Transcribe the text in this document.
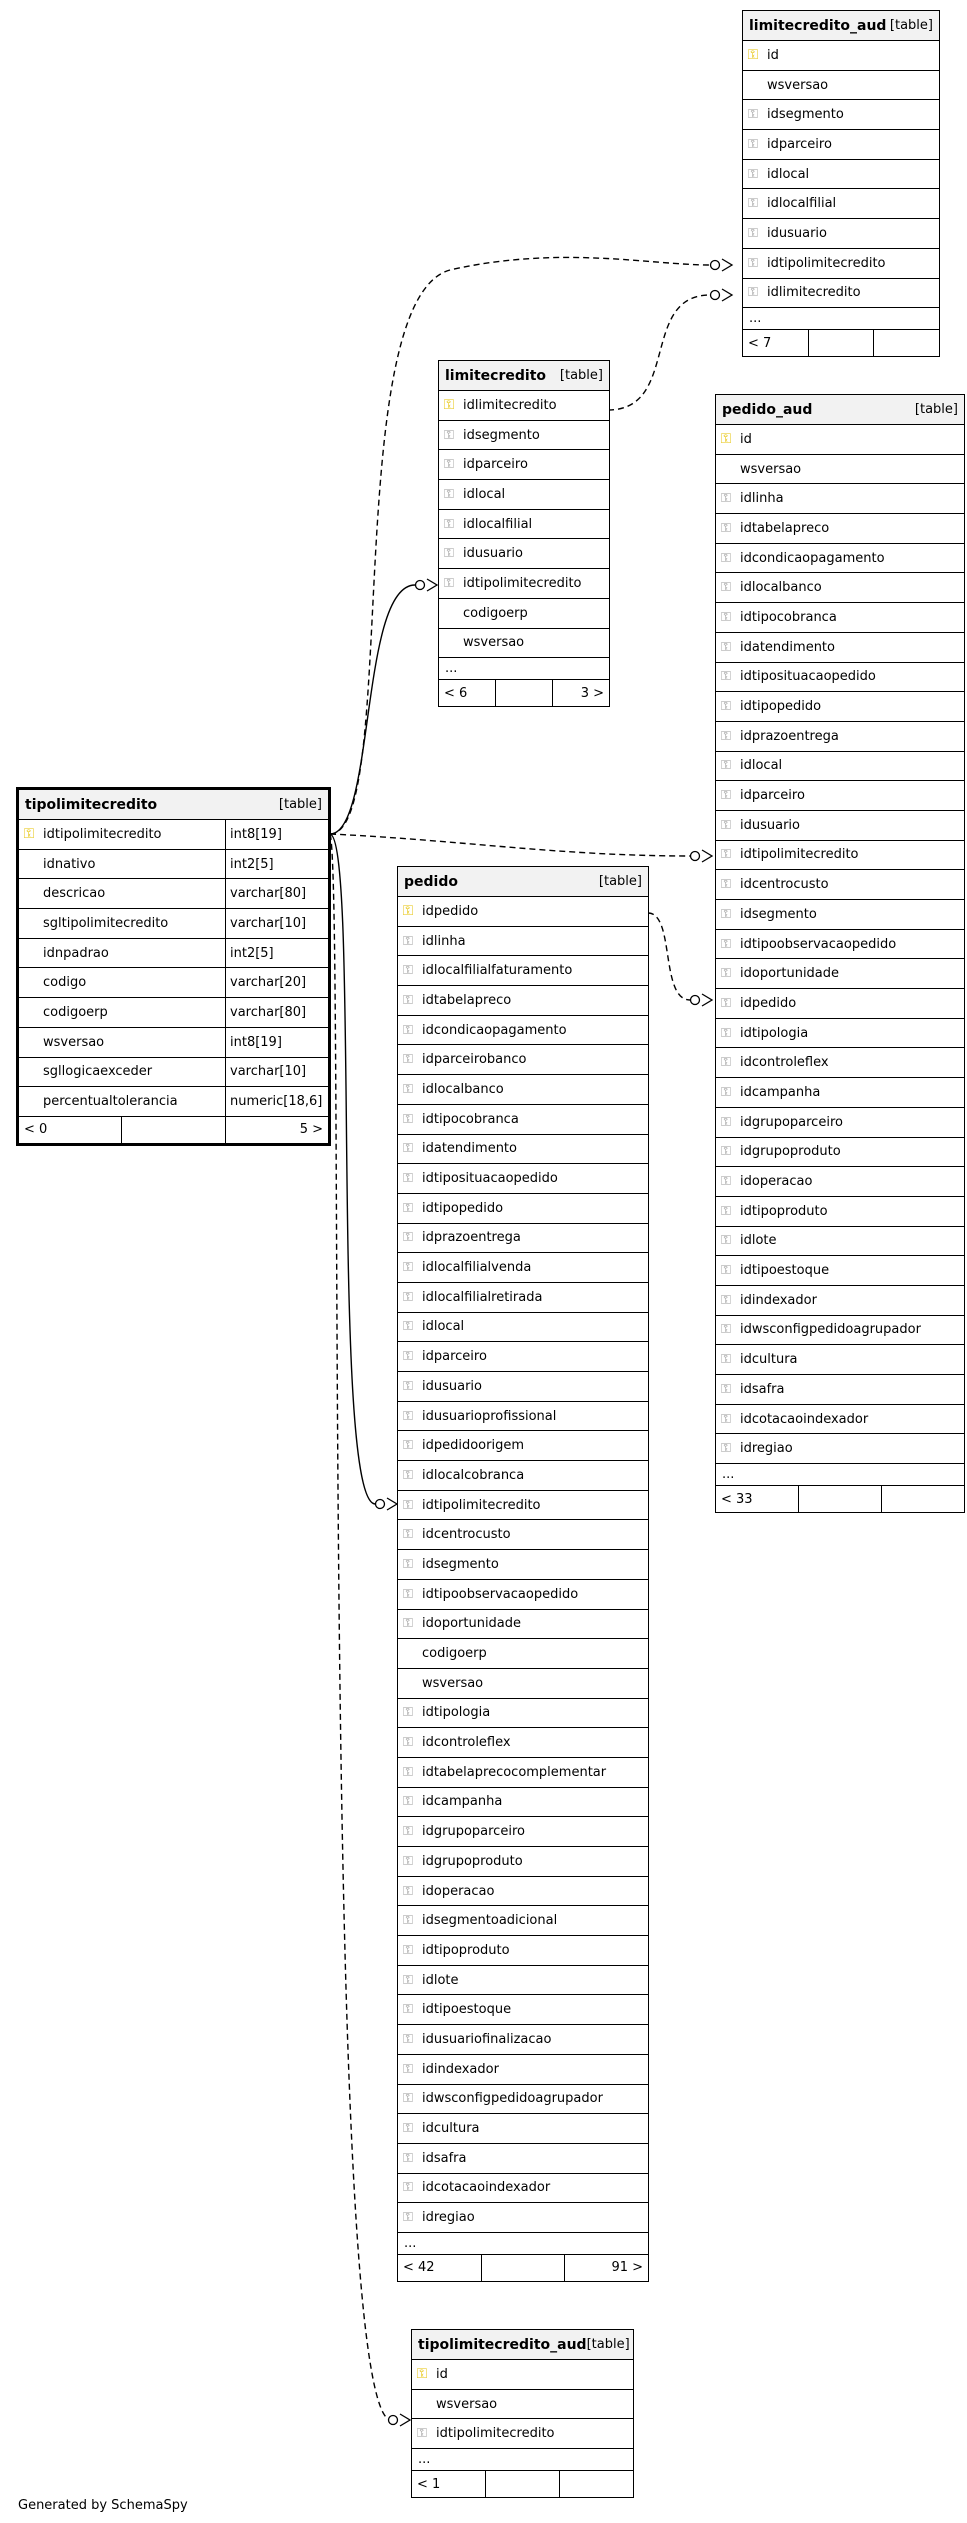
limitecredito_aud [table]
⚿ id
wsversao
⚿ idsegmento
⚿ idparceiro
⚿ idlocal
⚿ idlocalfilial
⚿ idusuario
⚿ idtipolimitecredito
⚿ idlimitecredito
...
< 7
limitecredito [table]
⚿ idlimitecredito
⚿ idsegmento
⚿ idparceiro
⚿ idlocal
⚿ idlocalfilial
⚿ idusuario
⚿ idtipolimitecredito
codigoerp
wsversao
...
< 6	3 >
pedido_aud	[table]
⚿ id
wsversao
⚿ idlinha
⚿ idtabelapreco
⚿ idcondicaopagamento
⚿ idlocalbanco
⚿ idtipocobranca
⚿ idatendimento
⚿ idtiposituacaopedido
⚿ idtipopedido
⚿ idprazoentrega
⚿ idlocal
⚿ idparceiro
⚿ idusuario
⚿ idtipolimitecredito
⚿ idcentrocusto
⚿ idsegmento
⚿ idtipoobservacaopedido
⚿ idoportunidade
⚿ idpedido
⚿ idtipologia
⚿ idcontroleflex
⚿ idcampanha
⚿ idgrupoparceiro
⚿ idgrupoproduto
⚿ idoperacao
⚿ idtipoproduto
⚿ idlote
⚿ idtipoestoque
⚿ idindexador
⚿ idwsconfigpedidoagrupador
⚿ idcultura
⚿ idsafra
⚿ idcotacaoindexador
⚿ idregiao
...
< 33
tipolimitecredito	[table]
⚿ idtipolimitecredito	int8[19]
idnativo	int2[5]
descricao	varchar[80]
sgltipolimitecredito	varchar[10]
idnpadrao	int2[5]
codigo	varchar[20]
codigoerp	varchar[80]
wsversao	int8[19]
sgllogicaexceder	varchar[10]
percentualtolerancia	numeric[18,6]
< 0	5 >
pedido	[table]
⚿ idpedido
⚿ idlinha
⚿ idlocalfilialfaturamento
⚿ idtabelapreco
⚿ idcondicaopagamento
⚿ idparceirobanco
⚿ idlocalbanco
⚿ idtipocobranca
⚿ idatendimento
⚿ idtiposituacaopedido
⚿ idtipopedido
⚿ idprazoentrega
⚿ idlocalfilialvenda
⚿ idlocalfilialretirada
⚿ idlocal
⚿ idparceiro
⚿ idusuario
⚿ idusuarioprofissional
⚿ idpedidoorigem
⚿ idlocalcobranca
⚿ idtipolimitecredito
⚿ idcentrocusto
⚿ idsegmento
⚿ idtipoobservacaopedido
⚿ idoportunidade
codigoerp
wsversao
⚿ idtipologia
⚿ idcontroleflex
⚿ idtabelaprecocomplementar
⚿ idcampanha
⚿ idgrupoparceiro
⚿ idgrupoproduto
⚿ idoperacao
⚿ idsegmentoadicional
⚿ idtipoproduto
⚿ idlote
⚿ idtipoestoque
⚿ idusuariofinalizacao
⚿ idindexador
⚿ idwsconfigpedidoagrupador
⚿ idcultura
⚿ idsafra
⚿ idcotacaoindexador
⚿ idregiao
...
< 42	91 >
tipolimitecredito_aud [table]
⚿ id
wsversao
⚿ idtipolimitecredito
...
< 1
Generated by SchemaSpy
